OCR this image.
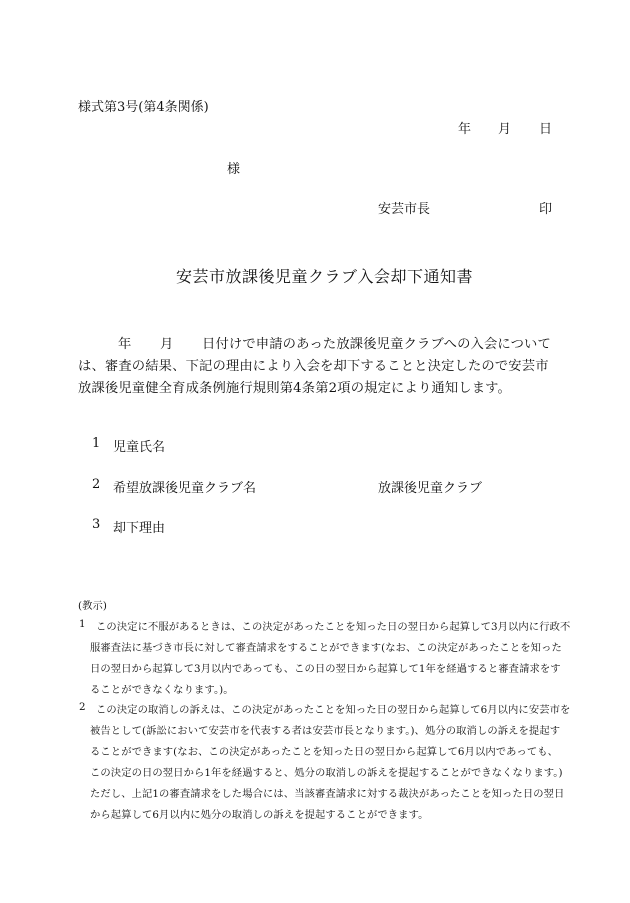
様式第3号(第4条関係)
年 月 日
様
安芸市長	印
安芸市放課後児童クラブ入会却下通知書
年 月 日付けで申請のあった放課後児童クラブへの入会について
は、審査の結果、下記の理由により入会を却下することと決定したので安芸市
放課後児童健全育成条例施行規則第4条第2項の規定により通知します。
1 児童氏名
2 希望放課後児童クラブ名	放課後児童クラブ
3 却下理由
(教示)
1 この決定に不服があるときは、この決定があったことを知った日の翌日から起算して3月以内に行政不
服審査法に基づき市長に対して審査請求をすることができます(なお、この決定があったことを知った
日の翌日から起算して3月以内であっても、この日の翌日から起算して1年を経過すると審査請求をす
ることができなくなります。)。
2 この決定の取消しの訴えは、この決定があったことを知った日の翌日から起算して6月以内に安芸市を
被告として(訴訟において安芸市を代表する者は安芸市長となります。)、処分の取消しの訴えを提起す
ることができます(なお、この決定があったことを知った日の翌日から起算して6月以内であっても、
この決定の日の翌日から1年を経過すると、処分の取消しの訴えを提起することができなくなります。)
ただし、上記1の審査請求をした場合には、当該審査請求に対する裁決があったことを知った日の翌日
から起算して6月以内に処分の取消しの訴えを提起することができます。
